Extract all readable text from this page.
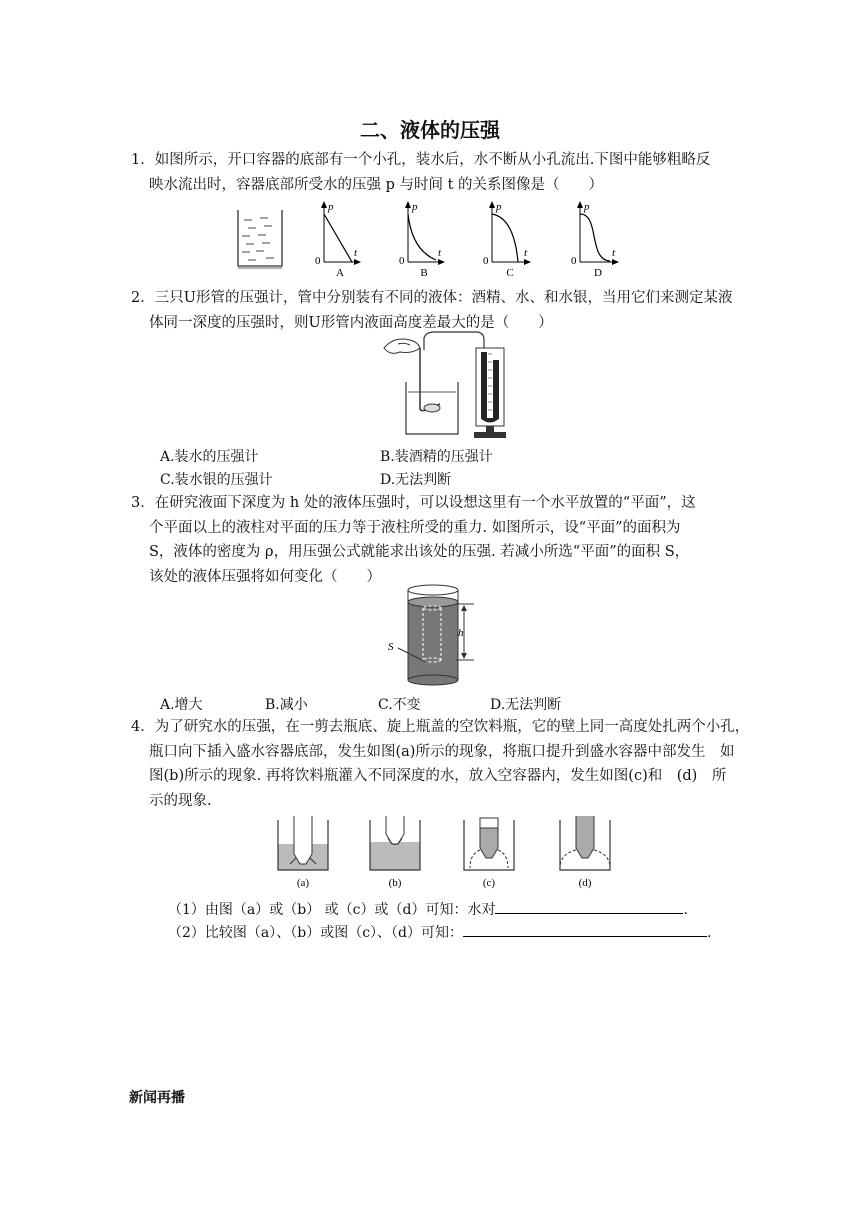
二、液体的压强
1．如图所示，开口容器的底部有一个小孔，装水后，水不断从小孔流出.下图中能够粗略反
映水流出时，容器底部所受水的压强 p 与时间 t 的关系图像是（　　）
p
t
0
A
p
t
0
B
p
t
0
C
p
t
0
D
2．三只U形管的压强计，管中分别装有不同的液体：酒精、水、和水银，当用它们来测定某液
体同一深度的压强时，则U形管内液面高度差最大的是（　　）
A.装水的压强计	B.装酒精的压强计
C.装水银的压强计	D.无法判断
3．在研究液面下深度为 h 处的液体压强时，可以设想这里有一个水平放置的“平面”，这
个平面以上的液柱对平面的压力等于液柱所受的重力. 如图所示，设“平面”的面积为
S，液体的密度为 ρ，用压强公式就能求出该处的压强. 若减小所选“平面”的面积 S，
该处的液体压强将如何变化（　　）
h
S
A.增大	B.减小	C.不变	D.无法判断
4．为了研究水的压强，在一剪去瓶底、旋上瓶盖的空饮料瓶，它的壁上同一高度处扎两个小孔，
瓶口向下插入盛水容器底部，发生如图(a)所示的现象，将瓶口提升到盛水容器中部发生　如
图(b)所示的现象. 再将饮料瓶灌入不同深度的水，放入空容器内，发生如图(c)和　(d)　所
示的现象.
(a)	(b)	(c)	(d)
（1）由图（a）或（b） 或（c）或（d）可知：水对	.
（2）比较图（a）、（b）或图（c）、（d）可知：	.
新闻再播
